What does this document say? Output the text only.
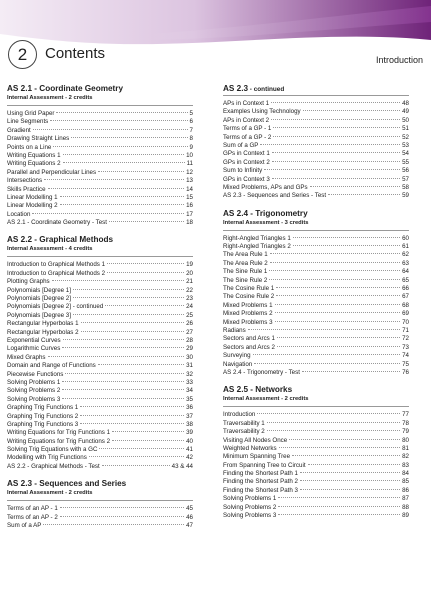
2 Contents	Introduction
AS 2.1 - Coordinate Geometry
Internal Assessment - 2 credits
Using Grid Paper	5
Line Segments	6
Gradient	7
Drawing Straight Lines	8
Points on a Line	9
Writing Equations 1	10
Writing Equations 2	11
Parallel and Perpendicular Lines	12
Intersections	13
Skills Practice	14
Linear Modelling 1	15
Linear Modelling 2	16
Location	17
AS 2.1 - Coordinate Geometry - Test	18
AS 2.2 - Graphical Methods
Internal Assessment - 4 credits
Introduction to Graphical Methods 1	19
Introduction to Graphical Methods 2	20
Plotting Graphs	21
Polynomials [Degree 1]	22
Polynomials [Degree 2]	23
Polynomials [Degree 2] - continued	24
Polynomials [Degree 3]	25
Rectangular Hyperbolas 1	26
Rectangular Hyperbolas 2	27
Exponential Curves	28
Logarithmic Curves	29
Mixed Graphs	30
Domain and Range of Functions	31
Piecewise Functions	32
Solving Problems 1	33
Solving Problems 2	34
Solving Problems 3	35
Graphing Trig Functions 1	36
Graphing Trig Functions 2	37
Graphing Trig Functions 3	38
Writing Equations for Trig Functions 1	39
Writing Equations for Trig Functions 2	40
Solving Trig Equations with a GC	41
Modelling with Trig Functions	42
AS 2.2 - Graphical Methods - Test	43 & 44
AS 2.3 - Sequences and Series
Internal Assessment - 2 credits
Terms of an AP - 1	45
Terms of an AP - 2	46
Sum of a AP	47
AS 2.3 - continued
APs in Context 1	48
Examples Using Technology	49
APs in Context 2	50
Terms of a GP - 1	51
Terms of a GP - 2	52
Sum of a GP	53
GPs in Context 1	54
GPs in Context 2	55
Sum to Infinity	56
GPs in Context 3	57
Mixed Problems, APs and GPs	58
AS 2.3 - Sequences and Series - Test	59
AS 2.4 - Trigonometry
Internal Assessment - 3 credits
Right-Angled Triangles 1	60
Right-Angled Triangles 2	61
The Area Rule 1	62
The Area Rule 2	63
The Sine Rule 1	64
The Sine Rule 2	65
The Cosine Rule 1	66
The Cosine Rule 2	67
Mixed Problems 1	68
Mixed Problems 2	69
Mixed Problems 3	70
Radians	71
Sectors and Arcs 1	72
Sectors and Arcs 2	73
Surveying	74
Navigation	75
AS 2.4 - Trigonometry - Test	76
AS 2.5 - Networks
Internal Assessment - 2 credits
Introduction	77
Traversability 1	78
Traversability 2	79
Visiting All Nodes Once	80
Weighted Networks	81
Minimum Spanning Tree	82
From Spanning Tree to Circuit	83
Finding the Shortest Path 1	84
Finding the Shortest Path 2	85
Finding the Shortest Path 3	86
Solving Problems 1	87
Solving Problems 2	88
Solving Problems 3	89
